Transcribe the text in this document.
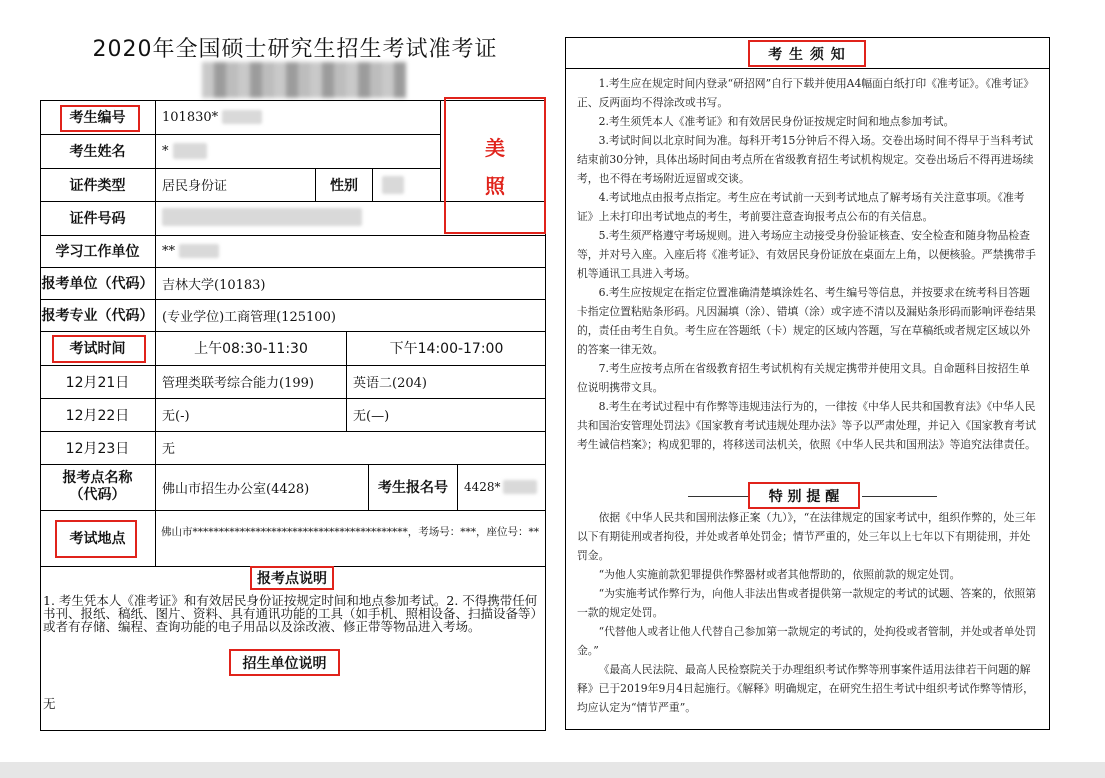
2020年全国硕士研究生招生考试准考证
考生编号	101830*
考生姓名	*
证件类型	居民身份证	性别
美
照
证件号码
学习工作单位	**
报考单位（代码） 吉林大学(10183)
报考专业（代码） (专业学位)工商管理(125100)
考试时间	上午08:30-11:30	下午14:00-17:00
12月21日	管理类联考综合能力(199)	英语二(204)
12月22日	无(-)	无(—)
12月23日	无
报考点名称
（代码）	佛山市招生办公室(4428)	考生报名号	4428*
考试地点	佛山市*****************************************，考场号：***，座位号：**
报考点说明
1. 考生凭本人《准考证》和有效居民身份证按规定时间和地点参加考试。2. 不得携带任何书刊、报纸、稿纸、图片、资料、具有通讯功能的工具（如手机、照相设备、扫描设备等）或者有存储、编程、查询功能的电子用品以及涂改液、修正带等物品进入考场。
招生单位说明
无
考 生 须 知

1.考生应在规定时间内登录“研招网”自行下载并使用A4幅面白纸打印《准考证》。《准考证》正、反两面均不得涂改或书写。

2.考生须凭本人《准考证》和有效居民身份证按规定时间和地点参加考试。

3.考试时间以北京时间为准。每科开考15分钟后不得入场。交卷出场时间不得早于当科考试结束前30分钟，具体出场时间由考点所在省级教育招生考试机构规定。交卷出场后不得再进场续考，也不得在考场附近逗留或交谈。

4.考试地点由报考点指定。考生应在考试前一天到考试地点了解考场有关注意事项。《准考证》上未打印出考试地点的考生，考前要注意查询报考点公布的有关信息。

5.考生须严格遵守考场规则。进入考场应主动接受身份验证核查、安全检查和随身物品检查等，并对号入座。入座后将《准考证》、有效居民身份证放在桌面左上角，以便核验。严禁携带手机等通讯工具进入考场。

6.考生应按规定在指定位置准确清楚填涂姓名、考生编号等信息，并按要求在统考科目答题卡指定位置粘贴条形码。凡因漏填（涂）、错填（涂）或字迹不清以及漏贴条形码而影响评卷结果的，责任由考生自负。考生应在答题纸（卡）规定的区域内答题，写在草稿纸或者规定区域以外的答案一律无效。

7.考生应按考点所在省级教育招生考试机构有关规定携带并使用文具。自命题科目按招生单位说明携带文具。

8.考生在考试过程中有作弊等违规违法行为的，一律按《中华人民共和国教育法》《中华人民共和国治安管理处罚法》《国家教育考试违规处理办法》等予以严肃处理，并记入《国家教育考试考生诚信档案》；构成犯罪的，将移送司法机关，依照《中华人民共和国刑法》等追究法律责任。

特 别 提 醒

依据《中华人民共和国刑法修正案（九）》，“在法律规定的国家考试中，组织作弊的，处三年以下有期徒刑或者拘役，并处或者单处罚金；情节严重的，处三年以上七年以下有期徒刑，并处罚金。

“为他人实施前款犯罪提供作弊器材或者其他帮助的，依照前款的规定处罚。

“为实施考试作弊行为，向他人非法出售或者提供第一款规定的考试的试题、答案的，依照第一款的规定处罚。

“代替他人或者让他人代替自己参加第一款规定的考试的，处拘役或者管制，并处或者单处罚金。”

《最高人民法院、最高人民检察院关于办理组织考试作弊等刑事案件适用法律若干问题的解释》已于2019年9月4日起施行。《解释》明确规定，在研究生招生考试中组织考试作弊等情形，均应认定为“情节严重”。
